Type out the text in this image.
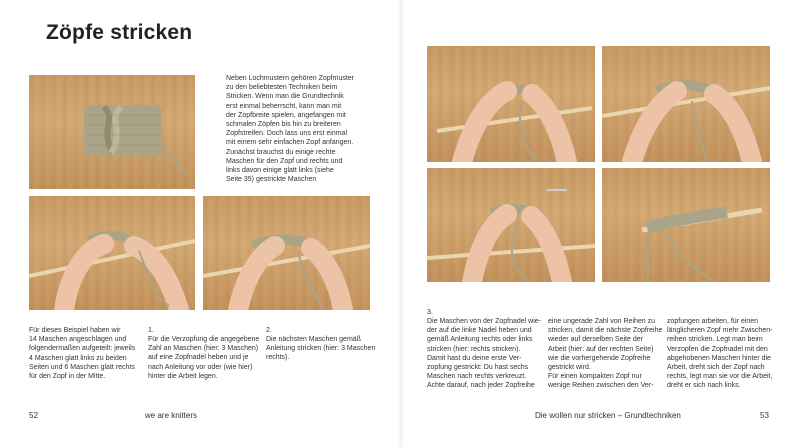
Zöpfe stricken
Neben Lochmustern gehören Zopfmuster
zu den beliebtesten Techniken beim
Stricken. Wenn man die Grundtechnik
erst einmal beherrscht, kann man mit
der Zopfbreite spielen, angefangen mit
schmalen Zöpfen bis hin zu breiteren
Zopfstreifen. Doch lass uns erst einmal
mit einem sehr einfachen Zopf anfangen.
Zunächst brauchst du einige rechte
Maschen für den Zopf und rechts und
links davon einige glatt links (siehe
Seite 35) gestrickte Maschen
Für dieses Beispiel haben wir
14 Maschen angeschlagen und
folgendermaßen aufgeteilt: jeweils
4 Maschen glatt links zu beiden
Seiten und 6 Maschen glatt rechts
für den Zopf in der Mitte.
1.
Für die Verzopfung die angegebene
Zahl an Maschen (hier: 3 Maschen)
auf eine Zopfnadel heben und je
nach Anleitung vor oder (wie hier)
hinter die Arbeit legen.
2.
Die nächsten Maschen gemäß
Anleitung stricken (hier: 3 Maschen
rechts).
52	we are knitters
3.
Die Maschen von der Zopfnadel wie-
der auf die linke Nadel heben und
gemäß Anleitung rechts oder links
stricken (hier: rechts stricken).
Damit hast du deine erste Ver-
zopfung gestrickt: Du hast sechs
Maschen nach rechts verkreuzt.
Achte darauf, nach jeder Zopfreihe
eine ungerade Zahl von Reihen zu
stricken, damit die nächste Zopfreihe
wieder auf derselben Seite der
Arbeit (hier: auf der rechten Seite)
wie die vorhergehende Zopfreihe
gestrickt wird.
Für einen kompakten Zopf nur
wenige Reihen zwischen den Ver-
zopfungen arbeiten, für einen
länglicheren Zopf mehr Zwischen-
reihen stricken. Legt man beim
Verzopfen die Zopfnadel mit den
abgehobenen Maschen hinter die
Arbeit, dreht sich der Zopf nach
rechts, legt man sie vor die Arbeit,
dreht er sich nach links.
Die wollen nur stricken – Grundtechniken	53
